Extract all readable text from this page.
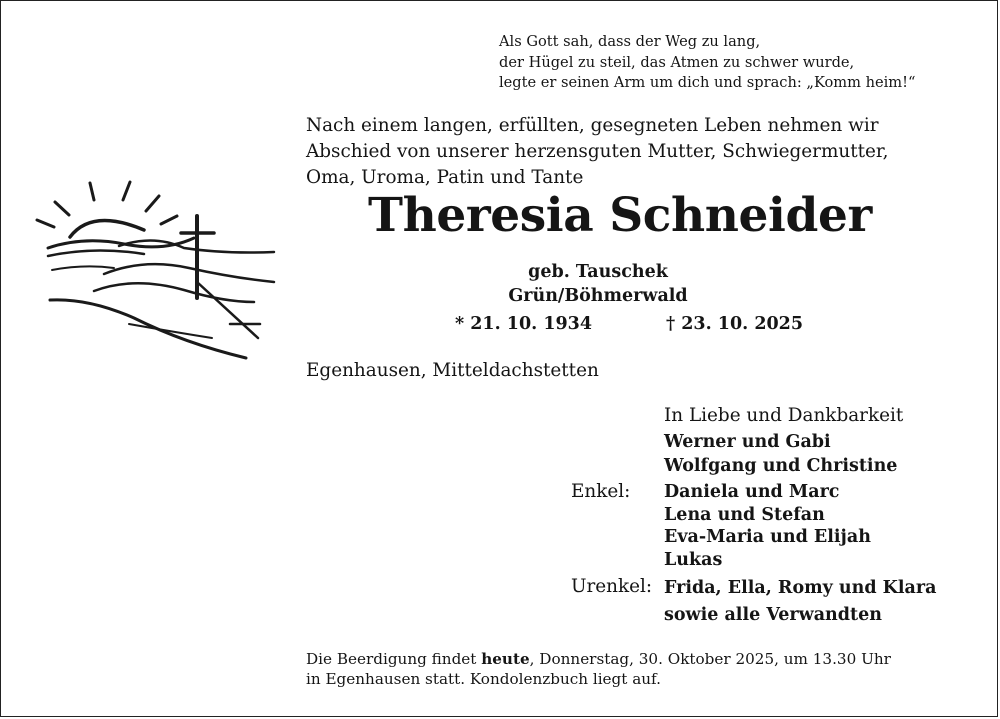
Als Gott sah, dass der Weg zu lang,
der Hügel zu steil, das Atmen zu schwer wurde,
legte er seinen Arm um dich und sprach: „Komm heim!“
Nach einem langen, erfüllten, gesegneten Leben nehmen wir
Abschied von unserer herzensguten Mutter, Schwiegermutter,
Oma, Uroma, Patin und Tante
Theresia Schneider
geb. Tauschek
Grün/Böhmerwald
* 21. 10. 1934	† 23. 10. 2025
Egenhausen, Mitteldachstetten
In Liebe und Dankbarkeit
Werner und Gabi
Wolfgang und Christine
Enkel: Daniela und Marc
Lena und Stefan
Eva-Maria und Elijah
Lukas
Urenkel: Frida, Ella, Romy und Klara
sowie alle Verwandten
Die Beerdigung findet heute, Donnerstag, 30. Oktober 2025, um 13.30 Uhr
in Egenhausen statt. Kondolenzbuch liegt auf.
